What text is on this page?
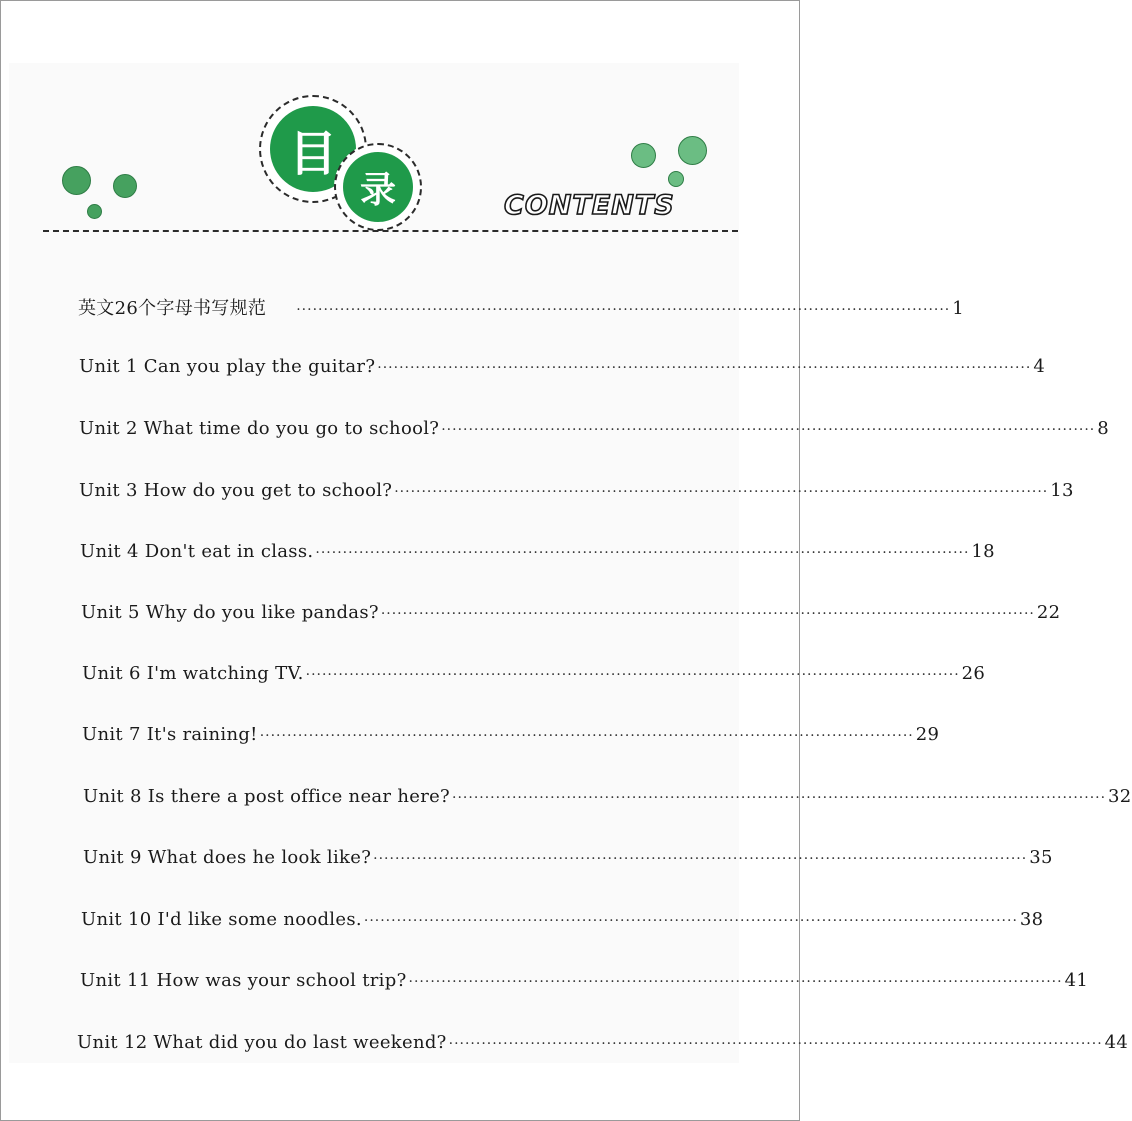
目
录	CONTENTS
英文26个字母书写规范 ························································································································ 1
Unit 1 Can you play the guitar? ························································································································ 4
Unit 2 What time do you go to school? ························································································································ 8
Unit 3 How do you get to school? ························································································································ 13
Unit 4 Don't eat in class. ························································································································ 18
Unit 5 Why do you like pandas? ························································································································ 22
Unit 6 I'm watching TV. ························································································································ 26
Unit 7 It's raining! ························································································································ 29
Unit 8 Is there a post office near here? ························································································································ 32
Unit 9 What does he look like? ························································································································ 35
Unit 10 I'd like some noodles. ························································································································ 38
Unit 11 How was your school trip? ························································································································ 41
Unit 12 What did you do last weekend? ························································································································ 44
